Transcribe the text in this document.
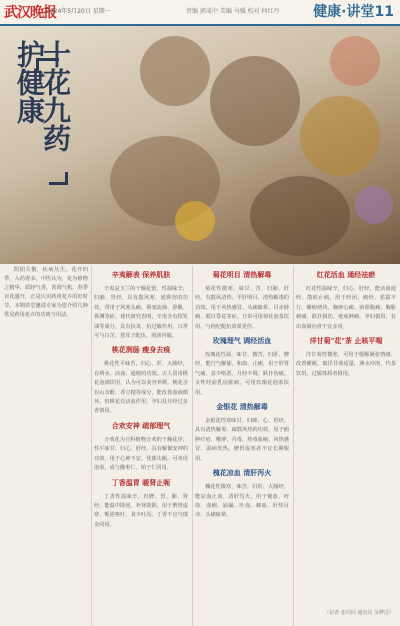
武汉晚报
2024年5月20日 星期一	责编 郭成中 美编 马媛 校对 何红丹 健康·讲堂11
护健康
十花九药

阴阳失衡，疾病丛生。花开四季，入药者多。中医认为，花为植物之精华，质轻气香，善调气机。春季百花盛开，正是认识药用花卉的好时节。本期讲堂邀请专家为您介绍几种常见药用花卉的功效与用法。

辛夷解表 保养肌肤

辛夷是玉兰的干燥花蕾，性温味辛，归肺、胃经，具有散风寒、通鼻窍的功效，常用于风寒头痛、鼻塞流涕、鼻鼽、鼻渊等症。现代研究表明，辛夷含有挥发油等成分，具有抗炎、抗过敏作用。日常可与白芷、苍耳子配伍，煎汤内服。

桃花润肠 瘦身去痕

桃花性平味苦，归心、肝、大肠经，有利水、活血、通便的功效。古人常用桃花泡酒饮用，认为可以美容养颜。桃花含有山奈酚、香豆精等成分，能改善血液循环。但桃花有活血作用，孕妇及月经过多者慎用。

合欢安神 疏郁理气

合欢花为豆科植物合欢的干燥花序，性平味甘，归心、肝经，具有解郁安神的功效，用于心神不安、忧郁失眠。可单用泡茶，或与酸枣仁、柏子仁同用。

丁香温胃 暖肾止呃

丁香性温味辛，归脾、胃、肺、肾经，能温中降逆、补肾助阳，用于脾胃虚寒、呃逆呕吐、食少吐泻。丁香不宜与郁金同用。

菊花明目 清热解毒

菊花性微寒，味甘、苦，归肺、肝经，有散风清热、平肝明目、清热解毒的功效。用于风热感冒、头痛眩晕、目赤肿痛、眼目昏花等症。日常可用菊花泡茶饮用，与枸杞配伍效果更佳。

玫瑰理气 调经活血

玫瑰花性温，味甘、微苦，归肝、脾经，能行气解郁、和血、止痛，用于肝胃气痛、食少呕恶、月经不调、跌扑伤痛。女性经前乳房胀痛，可用玫瑰花泡茶饮用。

金银花 清热解毒

金银花性寒味甘，归肺、心、胃经，具有清热解毒、疏散风热的功效，用于痈肿疔疮、喉痹、丹毒、热毒血痢、风热感冒、温病发热。脾胃虚寒者不宜长期服用。

槐花凉血 清肝泻火

槐花性微寒，味苦，归肝、大肠经，能凉血止血、清肝泻火，用于便血、痔血、血痢、崩漏、吐血、衄血、肝热目赤、头痛眩晕。

红花活血 通经祛瘀

红花性温味辛，归心、肝经，能活血通经、散瘀止痛，用于经闭、痛经、恶露不行、癥瘕痞块、胸痹心痛、瘀滞腹痛、胸胁刺痛、跌扑损伤、疮疡肿痛。孕妇慎用，有出血倾向者不宜多用。

洋甘菊"花"茶 止咳平喘

洋甘菊性微寒，可用于缓解紧张情绪、改善睡眠。取洋甘菊适量，沸水冲泡，代茶饮用。过敏体质者慎用。

（记者 张闪闪 通讯员 吴梦洁）
